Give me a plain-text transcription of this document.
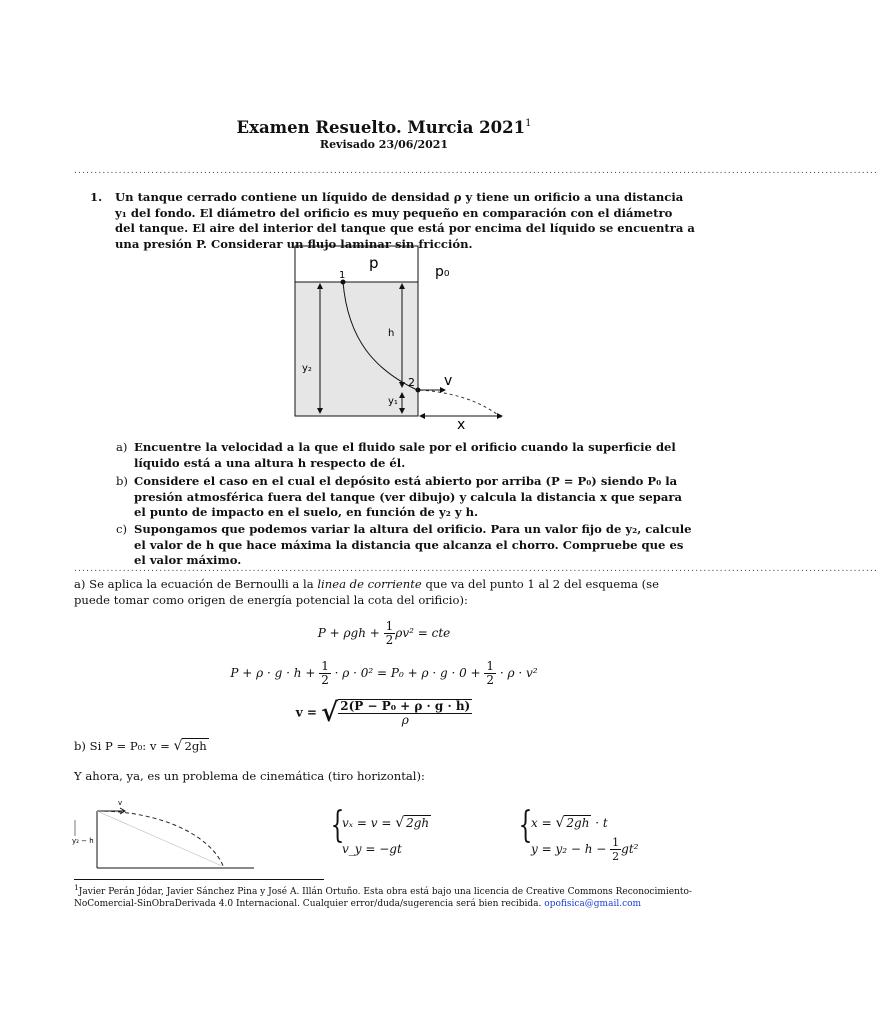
Examen Resuelto. Murcia 2021$^1$
Revisado 23/06/2021
......................................................................................................................................................................................................
1. Un tanque cerrado contiene un líquido de densidad ρ y tiene un orificio a una distancia y₁ del fondo. El diámetro del orificio es muy pequeño en comparación con el diámetro del tanque. El aire del interior del tanque que está por encima del líquido se encuentra a una presión P. Considerar un flujo laminar sin fricción.
p	p₀
1
2
h
y₂
y₁
v
x
a) Encuentre la velocidad a la que el fluido sale por el orificio cuando la superficie del líquido está a una altura h respecto de él.
b) Considere el caso en el cual el depósito está abierto por arriba (P = P₀) siendo P₀ la presión atmosférica fuera del tanque (ver dibujo) y calcula la distancia x que separa el punto de impacto en el suelo, en función de y₂ y h.
c) Supongamos que podemos variar la altura del orificio. Para un valor fijo de y₂, calcule el valor de h que hace máxima la distancia que alcanza el chorro. Compruebe que es el valor máximo.
......................................................................................................................................................................................................
a) Se aplica la ecuación de Bernoulli a la linea de corriente que va del punto 1 al 2 del esquema (se puede tomar como origen de energía potencial la cota del orificio):
$P + \rho gh + \frac{1}{2} \rho v^2$ = cte
$P + \rho \cdot g \cdot h + \frac{1}{2} \cdot \rho \cdot 0^2 = P_0 + \rho \cdot g \cdot 0 + \frac{1}{2} \cdot \rho \cdot v^2$
v = √ $\frac{\text{2(P − P₀ + ρ · g · h)}}{\rho}$
b) Si P = P₀: v = √ 2gh
Y ahora, ya, es un problema de cinemática (tiro horizontal):
v
y₂ − h	{
vₓ = v = √ 2gh
v_y = −gt
{
x = √ 2gh · t
$y = y_2 - h - \frac{1}{2} gt^2$
$^1$Javier Perán Jódar, Javier Sánchez Pina y José A. Illán Ortuño. Esta obra está bajo una licencia de Creative Commons Reconocimiento-NoComercial-SinObraDerivada 4.0 Internacional. Cualquier error/duda/sugerencia será bien recibida. opofisica@gmail.com
